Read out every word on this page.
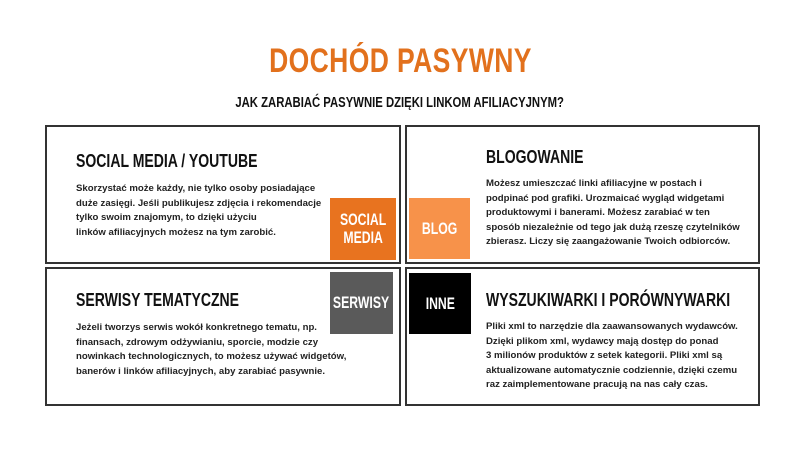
DOCHÓD PASYWNY
JAK ZARABIAĆ PASYWNIE DZIĘKI LINKOM AFILIACYJNYM?
SOCIAL MEDIA / YOUTUBE
Skorzystać może każdy, nie tylko osoby posiadające
duże zasięgi. Jeśli publikujesz zdjęcia i rekomendacje
tylko swoim znajomym, to dzięki użyciu
linków afiliacyjnych możesz na tym zarobić.
SOCIAL
MEDIA
BLOGOWANIE
Możesz umieszczać linki afiliacyjne w postach i
podpinać pod grafiki. Urozmaicać wygląd widgetami
produktowymi i banerami. Możesz zarabiać w ten
sposób niezależnie od tego jak dużą rzeszę czytelników
zbierasz. Liczy się zaangażowanie Twoich odbiorców.
BLOG
SERWISY TEMATYCZNE
Jeżeli tworzys serwis wokół konkretnego tematu, np.
finansach, zdrowym odżywianiu, sporcie, modzie czy
nowinkach technologicznych, to możesz używać widgetów,
banerów i linków afiliacyjnych, aby zarabiać pasywnie.
SERWISY	WYSZUKIWARKI I PORÓWNYWARKI
Pliki xml to narzędzie dla zaawansowanych wydawców.
Dzięki plikom xml, wydawcy mają dostęp do ponad
3 milionów produktów z setek kategorii. Pliki xml są
aktualizowane automatycznie codziennie, dzięki czemu
raz zaimplementowane pracują na nas cały czas.
INNE
